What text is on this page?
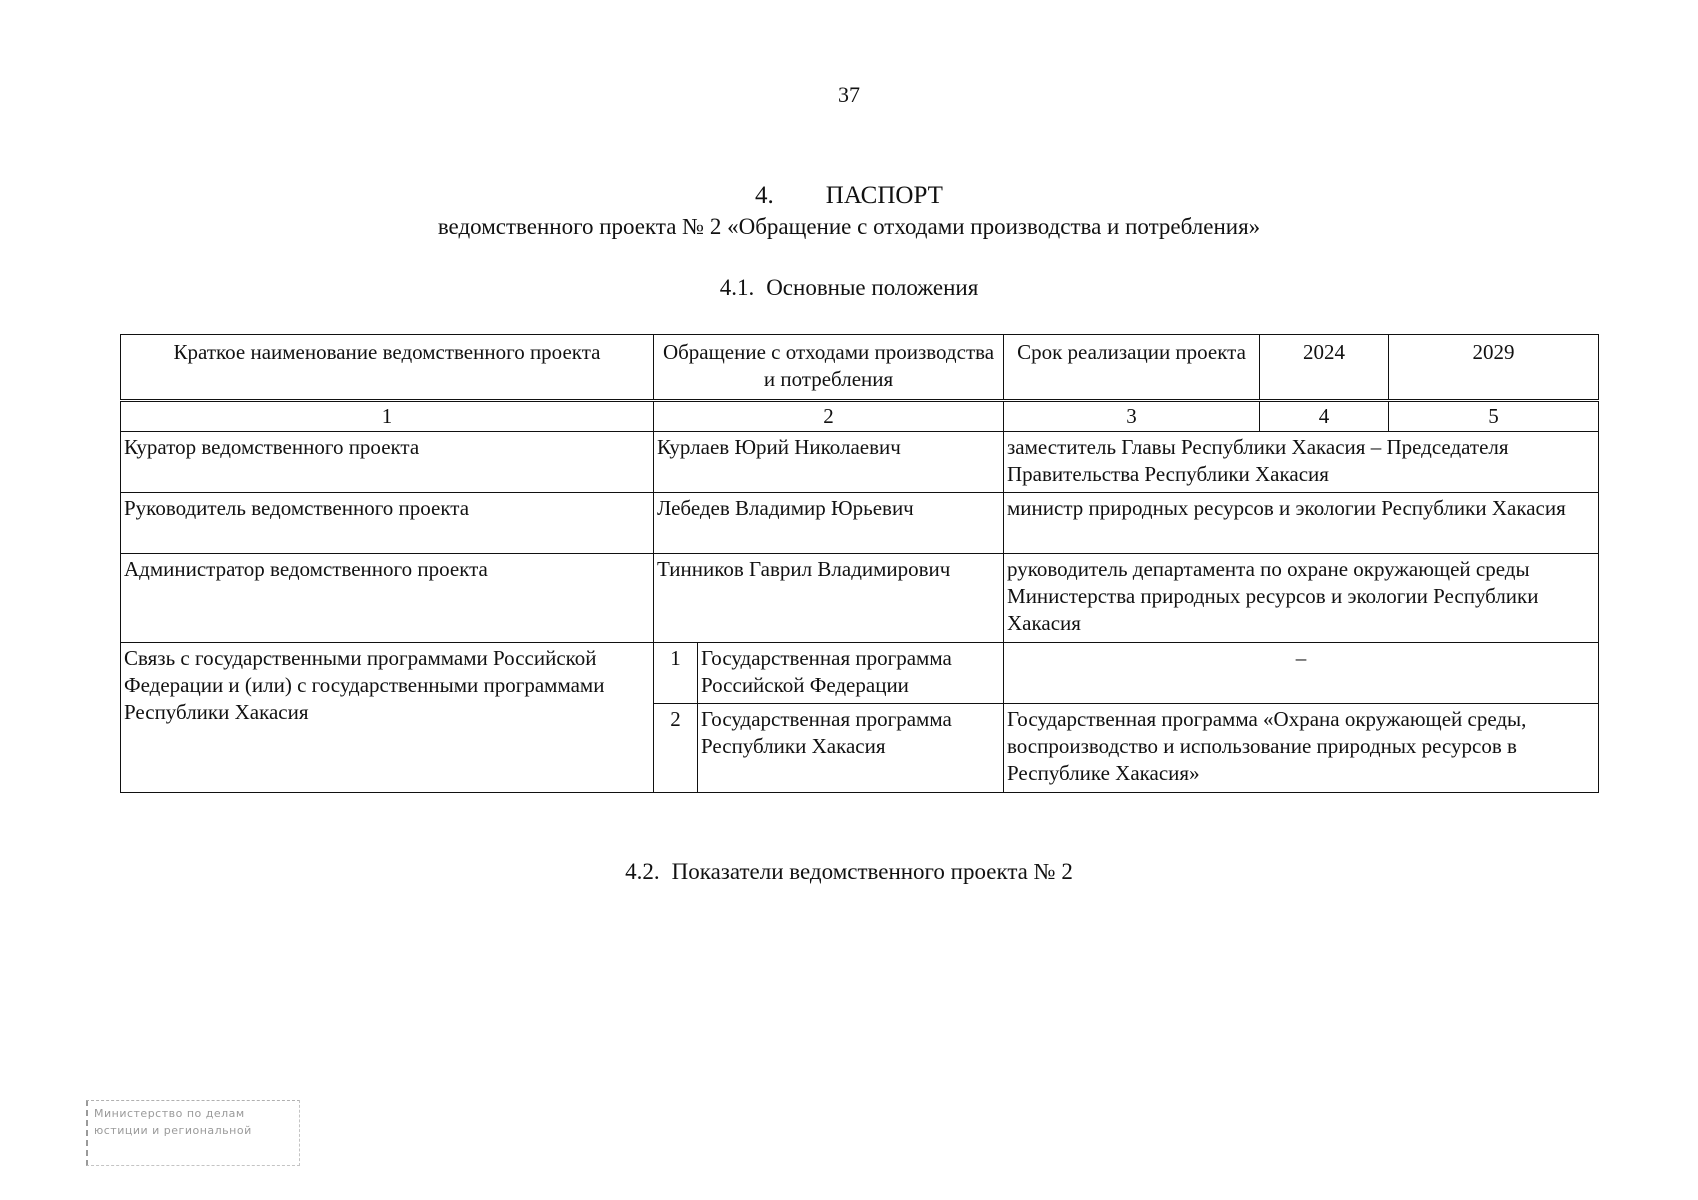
37
4. ПАСПОРТ
ведомственного проекта № 2 «Обращение с отходами производства и потребления»
4.1. Основные положения
Краткое наименование ведомственного проекта	Обращение с отходами производства и потребления		Срок реализации проекта	2024	2029
1	2		3	4	5
Куратор ведомственного проекта	Курлаев Юрий Николаевич		заместитель Главы Республики Хакасия – Председателя Правительства Республики Хакасия		
Руководитель ведомственного проекта	Лебедев Владимир Юрьевич		министр природных ресурсов и экологии Республики Хакасия		
Администратор ведомственного проекта	Тинников Гаврил Владимирович		руководитель департамента по охране окружающей среды Министерства природных ресурсов и экологии Республики Хакасия		
Связь с государственными программами Российской Федерации и (или) с государственными программами Республики Хакасия	1	Государственная программа Российской Федерации	–		
	2	Государственная программа Республики Хакасия	Государственная программа «Охрана окружающей среды, воспроизводство и использование природных ресурсов в Республике Хакасия»		
4.2. Показатели ведомственного проекта № 2
Министерство по делам
юстиции и региональной
